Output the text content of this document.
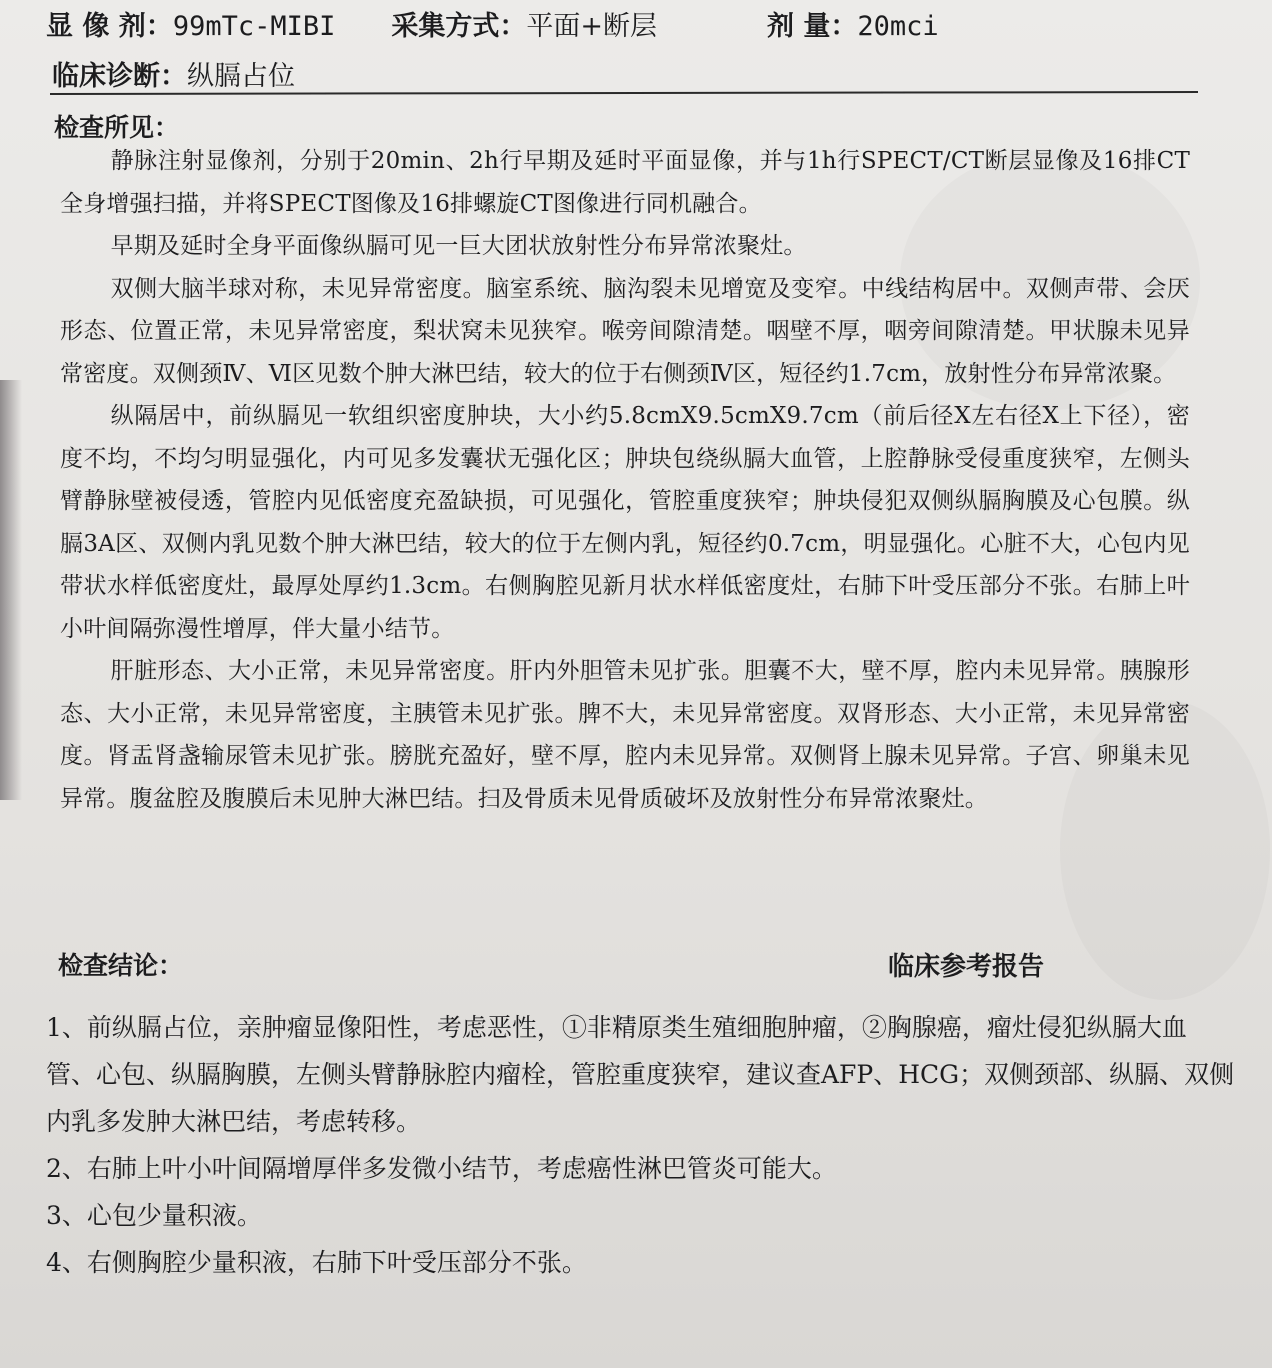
显 像 剂：99mTc-MIBI 采集方式：平面+断层	剂 量：20mci
临床诊断：纵膈占位
检查所见：

静脉注射显像剂，分别于20min、2h行早期及延时平面显像，并与1h行SPECT/CT断层显像及16排CT全身增强扫描，并将SPECT图像及16排螺旋CT图像进行同机融合。

早期及延时全身平面像纵膈可见一巨大团状放射性分布异常浓聚灶。

双侧大脑半球对称，未见异常密度。脑室系统、脑沟裂未见增宽及变窄。中线结构居中。双侧声带、会厌形态、位置正常，未见异常密度，梨状窝未见狭窄。喉旁间隙清楚。咽壁不厚，咽旁间隙清楚。甲状腺未见异常密度。双侧颈Ⅳ、Ⅵ区见数个肿大淋巴结，较大的位于右侧颈Ⅳ区，短径约1.7cm，放射性分布异常浓聚。

纵隔居中，前纵膈见一软组织密度肿块，大小约5.8cmX9.5cmX9.7cm（前后径X左右径X上下径），密度不均，不均匀明显强化，内可见多发囊状无强化区；肿块包绕纵膈大血管，上腔静脉受侵重度狭窄，左侧头臂静脉壁被侵透，管腔内见低密度充盈缺损，可见强化，管腔重度狭窄；肿块侵犯双侧纵膈胸膜及心包膜。纵膈3A区、双侧内乳见数个肿大淋巴结，较大的位于左侧内乳，短径约0.7cm，明显强化。心脏不大，心包内见带状水样低密度灶，最厚处厚约1.3cm。右侧胸腔见新月状水样低密度灶，右肺下叶受压部分不张。右肺上叶小叶间隔弥漫性增厚，伴大量小结节。

肝脏形态、大小正常，未见异常密度。肝内外胆管未见扩张。胆囊不大，壁不厚，腔内未见异常。胰腺形态、大小正常，未见异常密度，主胰管未见扩张。脾不大，未见异常密度。双肾形态、大小正常，未见异常密度。肾盂肾盏输尿管未见扩张。膀胱充盈好，壁不厚，腔内未见异常。双侧肾上腺未见异常。子宫、卵巢未见异常。腹盆腔及腹膜后未见肿大淋巴结。扫及骨质未见骨质破坏及放射性分布异常浓聚灶。

检查结论：	临床参考报告

1、前纵膈占位，亲肿瘤显像阳性，考虑恶性，①非精原类生殖细胞肿瘤，②胸腺癌，瘤灶侵犯纵膈大血管、心包、纵膈胸膜，左侧头臂静脉腔内瘤栓，管腔重度狭窄，建议查AFP、HCG；双侧颈部、纵膈、双侧内乳多发肿大淋巴结，考虑转移。

2、右肺上叶小叶间隔增厚伴多发微小结节，考虑癌性淋巴管炎可能大。

3、心包少量积液。

4、右侧胸腔少量积液，右肺下叶受压部分不张。
